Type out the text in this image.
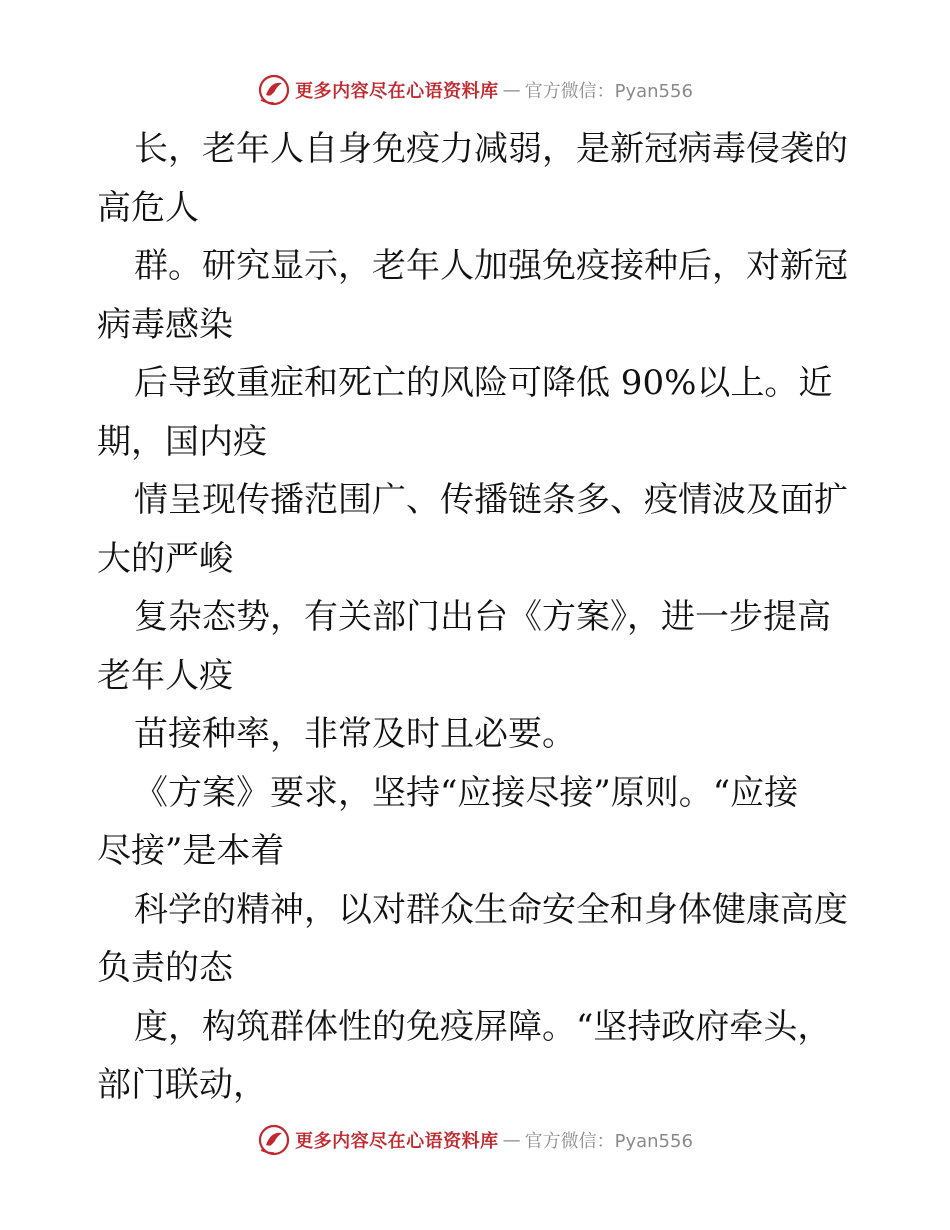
更多内容尽在心语资料库 — 官方微信：Pyan556
长，老年人自身免疫力减弱，是新冠病毒侵袭的
高危人
群。研究显示，老年人加强免疫接种后，对新冠
病毒感染
后导致重症和死亡的风险可降低 90%以上。近
期，国内疫
情呈现传播范围广、传播链条多、疫情波及面扩
大的严峻
复杂态势，有关部门出台《方案》，进一步提高
老年人疫
苗接种率，非常及时且必要。
《方案》要求，坚持“应接尽接”原则。“应接
尽接”是本着
科学的精神，以对群众生命安全和身体健康高度
负责的态
度，构筑群体性的免疫屏障。“坚持政府牵头，
部门联动，
更多内容尽在心语资料库 — 官方微信：Pyan556
